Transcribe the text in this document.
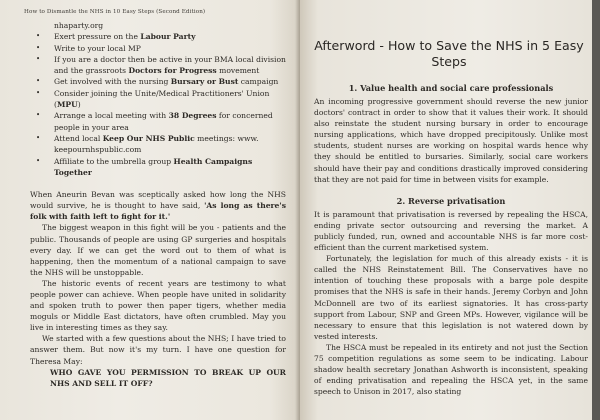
How to Dismantle the NHS in 10 Easy Steps (Second Edition)
nhaparty.org
• Exert pressure on the Labour Party
• Write to your local MP
• If you are a doctor then be active in your BMA local division and the grassroots Doctors for Progress movement
• Get involved with the nursing Bursary or Bust campaign
• Consider joining the Unite/Medical Practitioners' Union (MPU)
• Arrange a local meeting with 38 Degrees for concerned people in your area
• Attend local Keep Our NHS Public meetings: www. keepournhspublic.com
• Affiliate to the umbrella group Health Campaigns Together

When Aneurin Bevan was sceptically asked how long the NHS would survive, he is thought to have said, 'As long as there's folk with faith left to fight for it.'

The biggest weapon in this fight will be you - patients and the public. Thousands of people are using GP surgeries and hospitals every day. If we can get the word out to them of what is happening, then the momentum of a national campaign to save the NHS will be unstoppable.

The historic events of recent years are testimony to what people power can achieve. When people have united in solidarity and spoken truth to power then paper tigers, whether media moguls or Middle East dictators, have often crumbled. May you live in interesting times as they say.

We started with a few questions about the NHS; I have tried to answer them. But now it's my turn. I have one question for Theresa May:

WHO GAVE YOU PERMISSION TO BREAK UP OUR NHS AND SELL IT OFF?

Afterword - How to Save the NHS in 5 Easy Steps
1. Value health and social care professionals

An incoming progressive government should reverse the new junior doctors' contract in order to show that it values their work. It should also reinstate the student nursing bursary in order to encourage nursing applications, which have dropped precipitously. Unlike most students, student nurses are working on hospital wards hence why they should be entitled to bursaries. Similarly, social care workers should have their pay and conditions drastically improved considering that they are not paid for time in between visits for example.

2. Reverse privatisation

It is paramount that privatisation is reversed by repealing the HSCA, ending private sector outsourcing and reversing the market. A publicly funded, run, owned and accountable NHS is far more cost-efficient than the current marketised system.

Fortunately, the legislation for much of this already exists - it is called the NHS Reinstatement Bill. The Conservatives have no intention of touching these proposals with a barge pole despite promises that the NHS is safe in their hands. Jeremy Corbyn and John McDonnell are two of its earliest signatories. It has cross-party support from Labour, SNP and Green MPs. However, vigilance will be necessary to ensure that this legislation is not watered down by vested interests.

The HSCA must be repealed in its entirety and not just the Section 75 competition regulations as some seem to be indicating. Labour shadow health secretary Jonathan Ashworth is inconsistent, speaking of ending privatisation and repealing the HSCA yet, in the same speech to Unison in 2017, also stating
